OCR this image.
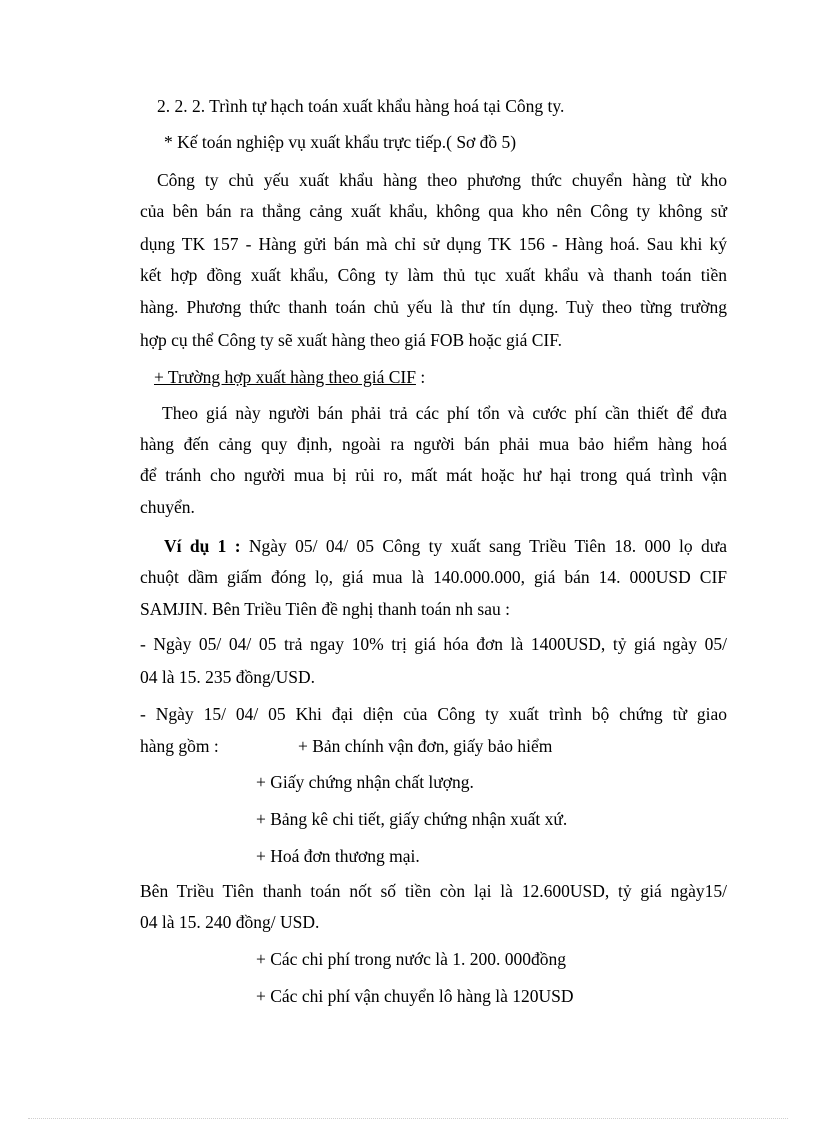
2. 2. 2. Trình tự hạch toán xuất khẩu hàng hoá tại Công ty.
* Kế toán nghiệp vụ xuất khẩu trực tiếp.( Sơ đồ 5)
Công ty chủ yếu xuất khẩu hàng theo phương thức chuyển hàng từ kho
của bên bán ra thẳng cảng xuất khẩu, không qua kho nên Công ty không sử
dụng TK 157 - Hàng gửi bán mà chỉ sử dụng TK 156 - Hàng hoá. Sau khi ký
kết hợp đồng xuất khẩu, Công ty làm thủ tục xuất khẩu và thanh toán tiền
hàng. Phương thức thanh toán chủ yếu là thư tín dụng. Tuỳ theo từng trường
hợp cụ thể Công ty sẽ xuất hàng theo giá FOB hoặc giá CIF.
+ Trường hợp xuất hàng theo giá CIF :
Theo giá này người bán phải trả các phí tổn và cước phí cần thiết để đưa
hàng đến cảng quy định, ngoài ra người bán phải mua bảo hiểm hàng hoá
để tránh cho người mua bị rủi ro, mất mát hoặc hư hại trong quá trình vận
chuyển.
Ví dụ 1 : Ngày 05/ 04/ 05 Công ty xuất sang Triều Tiên 18. 000 lọ dưa
chuột dầm giấm đóng lọ, giá mua là 140.000.000, giá bán 14. 000USD CIF
SAMJIN. Bên Triều Tiên đề nghị thanh toán nh sau :
- Ngày 05/ 04/ 05 trả ngay 10% trị giá hóa đơn là 1400USD, tỷ giá ngày 05/
04 là 15. 235 đồng/USD.
- Ngày 15/ 04/ 05 Khi đại diện của Công ty xuất trình bộ chứng từ giao
hàng gồm :	+ Bản chính vận đơn, giấy bảo hiểm
+ Giấy chứng nhận chất lượng.
+ Bảng kê chi tiết, giấy chứng nhận xuất xứ.
+ Hoá đơn thương mại.
Bên Triều Tiên thanh toán nốt số tiền còn lại là 12.600USD, tỷ giá ngày15/
04 là 15. 240 đồng/ USD.
+ Các chi phí trong nước là 1. 200. 000đồng
+ Các chi phí vận chuyển lô hàng là 120USD
